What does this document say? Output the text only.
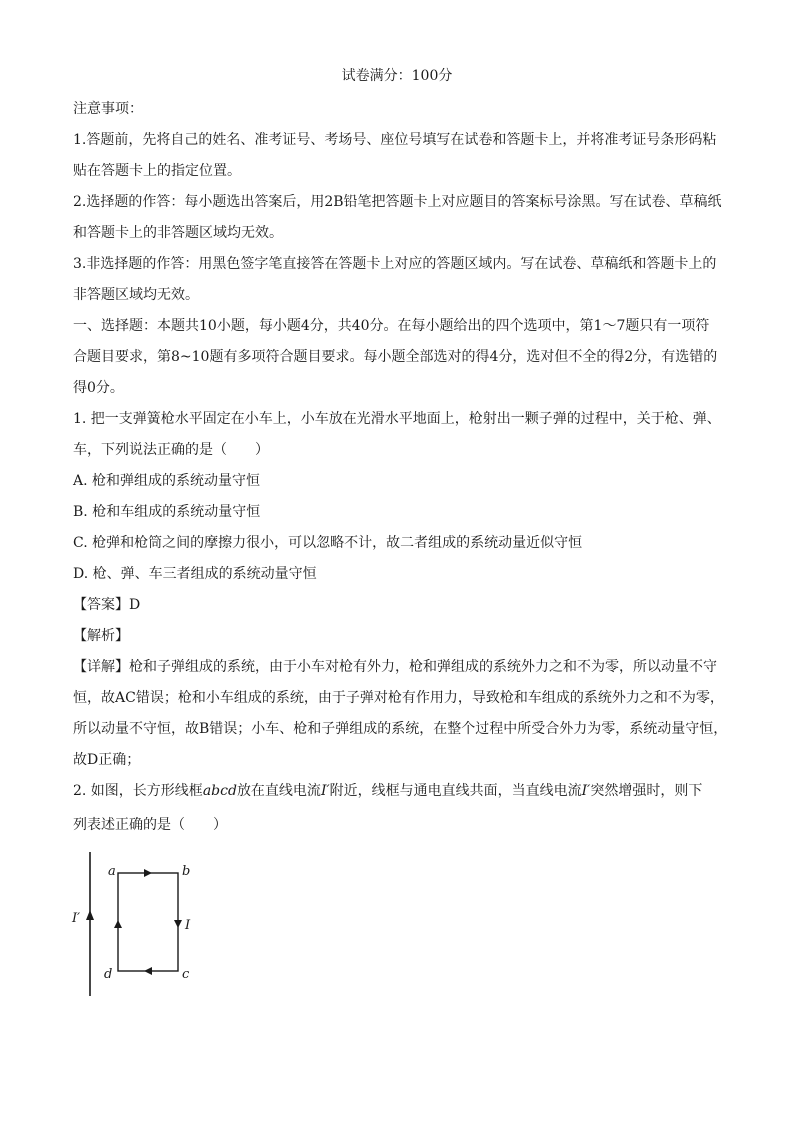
试卷满分：100分
注意事项：
1.答题前，先将自己的姓名、准考证号、考场号、座位号填写在试卷和答题卡上，并将准考证号条形码粘
贴在答题卡上的指定位置。
2.选择题的作答：每小题选出答案后，用2B铅笔把答题卡上对应题目的答案标号涂黑。写在试卷、草稿纸
和答题卡上的非答题区域均无效。
3.非选择题的作答：用黑色签字笔直接答在答题卡上对应的答题区域内。写在试卷、草稿纸和答题卡上的
非答题区域均无效。
一、选择题：本题共10小题，每小题4分，共40分。在每小题给出的四个选项中，第1～7题只有一项符
合题目要求，第8~10题有多项符合题目要求。每小题全部选对的得4分，选对但不全的得2分，有选错的
得0分。
1. 把一支弹簧枪水平固定在小车上，小车放在光滑水平地面上，枪射出一颗子弹的过程中，关于枪、弹、
车，下列说法正确的是（　　）
A. 枪和弹组成的系统动量守恒
B. 枪和车组成的系统动量守恒
C. 枪弹和枪筒之间的摩擦力很小，可以忽略不计，故二者组成的系统动量近似守恒
D. 枪、弹、车三者组成的系统动量守恒
【答案】D
【解析】
【详解】枪和子弹组成的系统，由于小车对枪有外力，枪和弹组成的系统外力之和不为零，所以动量不守
恒，故AC错误；枪和小车组成的系统，由于子弹对枪有作用力，导致枪和车组成的系统外力之和不为零，
所以动量不守恒，故B错误；小车、枪和子弹组成的系统，在整个过程中所受合外力为零，系统动量守恒，
故D正确；
2. 如图，长方形线框abcd放在直线电流I′附近，线框与通电直线共面，当直线电流I′突然增强时，则下
列表述正确的是（　　）
I′
a	b
c
d
I
